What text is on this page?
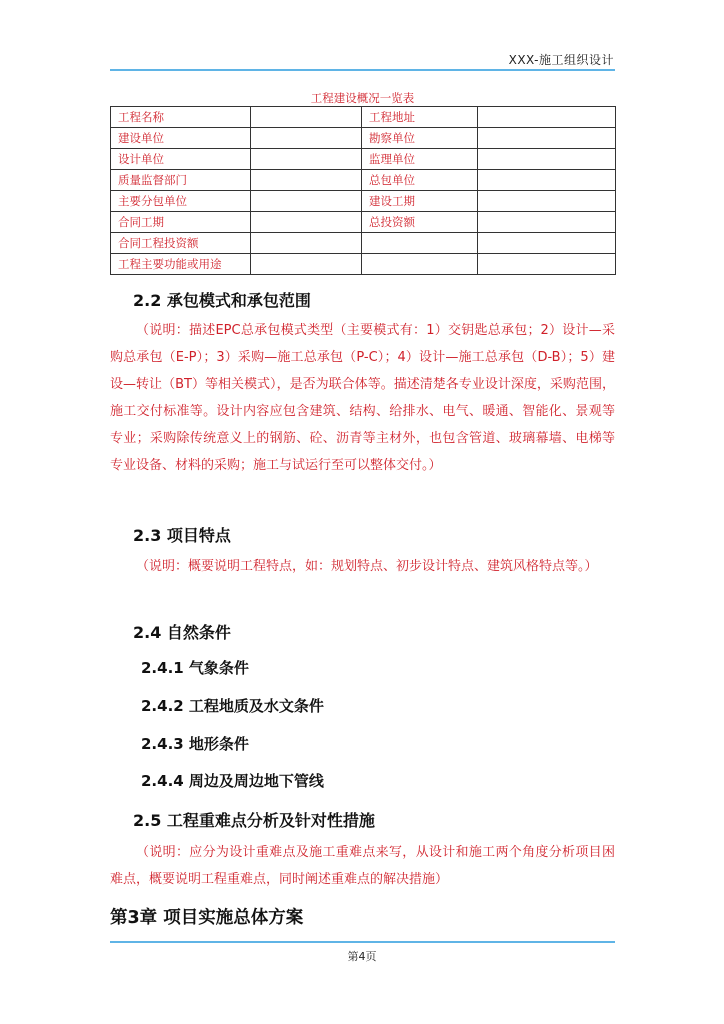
XXX-施工组织设计
工程建设概况一览表
工程名称		工程地址	
建设单位		勘察单位	
设计单位		监理单位	
质量监督部门		总包单位	
主要分包单位		建设工期	
合同工期		总投资额	
合同工程投资额			
工程主要功能或用途			
2.2 承包模式和承包范围

（说明：描述EPC总承包模式类型（主要模式有：1）交钥匙总承包；2）设计—采购总承包（E-P）；3）采购—施工总承包（P-C）；4）设计—施工总承包（D-B）；5）建设—转让（BT）等相关模式），是否为联合体等。描述清楚各专业设计深度，采购范围，施工交付标准等。设计内容应包含建筑、结构、给排水、电气、暖通、智能化、景观等专业；采购除传统意义上的钢筋、砼、沥青等主材外，也包含管道、玻璃幕墙、电梯等专业设备、材料的采购；施工与试运行至可以整体交付。）

2.3 项目特点

（说明：概要说明工程特点，如：规划特点、初步设计特点、建筑风格特点等。）

2.4 自然条件
2.4.1 气象条件
2.4.2 工程地质及水文条件
2.4.3 地形条件
2.4.4 周边及周边地下管线
2.5 工程重难点分析及针对性措施

（说明：应分为设计重难点及施工重难点来写，从设计和施工两个角度分析项目困难点，概要说明工程重难点，同时阐述重难点的解决措施）

第3章 项目实施总体方案
第4页
